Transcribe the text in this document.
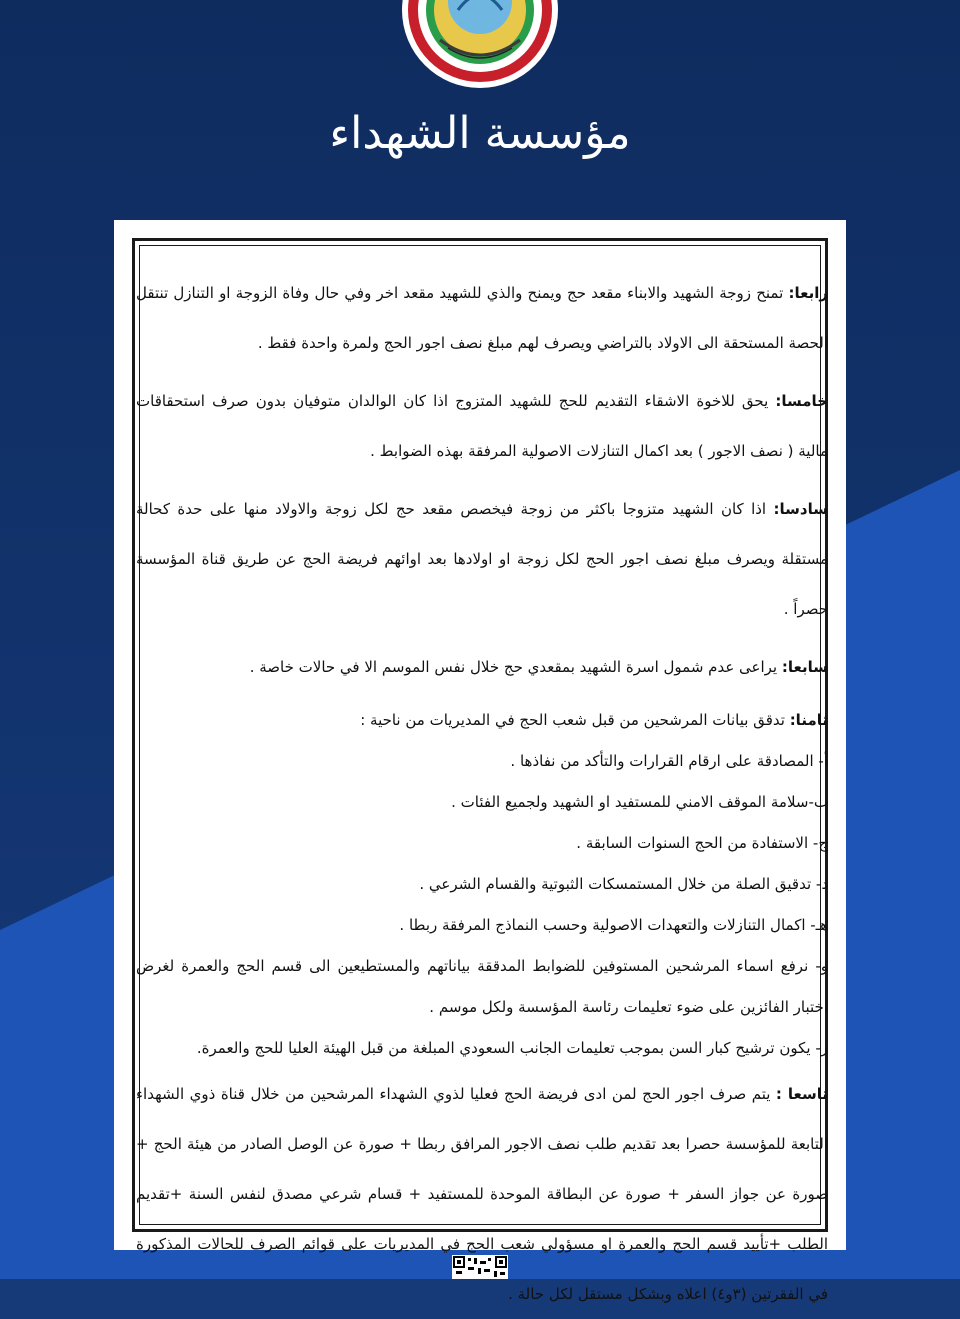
مؤسسة الشهداء

رابعا: تمنح زوجة الشهيد والابناء مقعد حج ويمنح والذي للشهيد مقعد اخر وفي حال وفاة الزوجة او التنازل تنتقل الحصة المستحقة الى الاولاد بالتراضي ويصرف لهم مبلغ نصف اجور الحج ولمرة واحدة فقط .

خامسا: يحق للاخوة الاشقاء التقديم للحج للشهيد المتزوج اذا كان الوالدان متوفيان بدون صرف استحقاقات مالية ( نصف الاجور ) بعد اكمال التنازلات الاصولية المرفقة بهذه الضوابط .

سادسا: اذا كان الشهيد متزوجا باكثر من زوجة فيخصص مقعد حج لكل زوجة والاولاد منها على حدة كحالة مستقلة ويصرف مبلغ نصف اجور الحج لكل زوجة او اولادها بعد اوائهم فريضة الحج عن طريق قناة المؤسسة حصراً .

سابعا: يراعى عدم شمول اسرة الشهيد بمقعدي حج خلال نفس الموسم الا في حالات خاصة .

ثامنا: تدقق بيانات المرشحين من قبل شعب الحج في المديريات من ناحية :

أ- المصادقة على ارقام القرارات والتأكد من نفاذها .

ب-سلامة الموقف الامني للمستفيد او الشهيد ولجميع الفئات .

ج- الاستفادة من الحج السنوات السابقة .

د- تدقيق الصلة من خلال المستمسكات الثبوتية والقسام الشرعي .

هـ- اكمال التنازلات والتعهدات الاصولية وحسب النماذج المرفقة ربطا .

و- نرفع اسماء المرشحين المستوفين للضوابط المدققة بياناتهم والمستطيعين الى قسم الحج والعمرة لغرض اختبار الفائزين على ضوء تعليمات رئاسة المؤسسة ولكل موسم .

ز- يكون ترشيح كبار السن بموجب تعليمات الجانب السعودي المبلغة من قبل الهيئة العليا للحج والعمرة.

تاسعا : يتم صرف اجور الحج لمن ادى فريضة الحج فعليا لذوي الشهداء المرشحين من خلال قناة ذوي الشهداء التابعة للمؤسسة حصرا بعد تقديم طلب نصف الاجور المرافق ربطا + صورة عن الوصل الصادر من هيئة الحج + صورة عن جواز السفر + صورة عن البطاقة الموحدة للمستفيد + قسام شرعي مصدق لنفس السنة +تقديم الطلب +تأييد قسم الحج والعمرة او مسؤولي شعب الحج في المديريات على قوائم الصرف للحالات المذكورة في الفقرتين (٣و٤) اعلاه وبشكل مستقل لكل حالة .
